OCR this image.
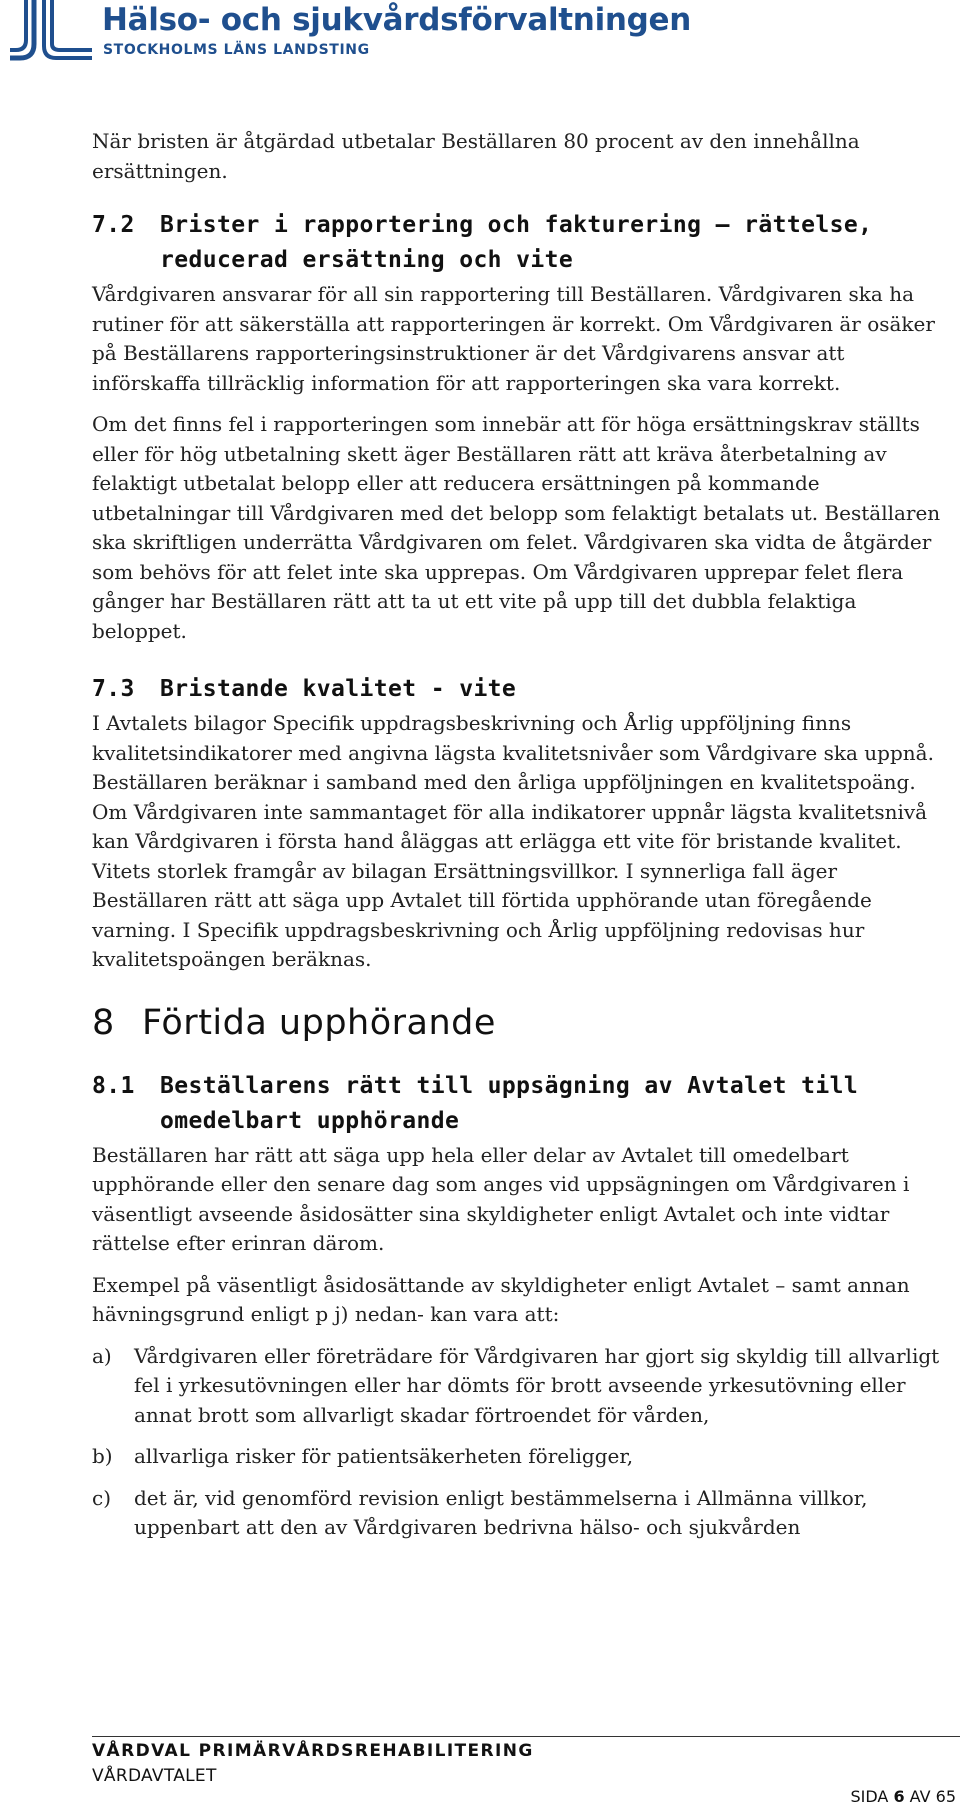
Hälso- och sjukvårdsförvaltningen
STOCKHOLMS LÄNS LANDSTING

När bristen är åtgärdad utbetalar Beställaren 80 procent av den innehållna ersättningen.

7.2	Brister i rapportering och fakturering – rättelse, reducerad ersättning och vite

Vårdgivaren ansvarar för all sin rapportering till Beställaren. Vårdgivaren ska ha rutiner för att säkerställa att rapporteringen är korrekt. Om Vårdgivaren är osäker på Beställarens rapporteringsinstruktioner är det Vårdgivarens ansvar att införskaffa tillräcklig information för att rapporteringen ska vara korrekt.

Om det finns fel i rapporteringen som innebär att för höga ersättningskrav ställts eller för hög utbetalning skett äger Beställaren rätt att kräva återbetalning av felaktigt utbetalat belopp eller att reducera ersättningen på kommande utbetalningar till Vårdgivaren med det belopp som felaktigt betalats ut. Beställaren ska skriftligen underrätta Vårdgivaren om felet. Vårdgivaren ska vidta de åtgärder som behövs för att felet inte ska upprepas. Om Vårdgivaren upprepar felet flera gånger har Beställaren rätt att ta ut ett vite på upp till det dubbla felaktiga beloppet.

7.3	Bristande kvalitet - vite

I Avtalets bilagor Specifik uppdragsbeskrivning och Årlig uppföljning finns kvalitetsindikatorer med angivna lägsta kvalitetsnivåer som Vårdgivare ska uppnå. Beställaren beräknar i samband med den årliga uppföljningen en kvalitetspoäng. Om Vårdgivaren inte sammantaget för alla indikatorer uppnår lägsta kvalitetsnivå kan Vårdgivaren i första hand åläggas att erlägga ett vite för bristande kvalitet. Vitets storlek framgår av bilagan Ersättningsvillkor. I synnerliga fall äger Beställaren rätt att säga upp Avtalet till förtida upphörande utan föregående varning. I Specifik uppdragsbeskrivning och Årlig uppföljning redovisas hur kvalitetspoängen beräknas.

8 Förtida upphörande
8.1	Beställarens rätt till uppsägning av Avtalet till omedelbart upphörande

Beställaren har rätt att säga upp hela eller delar av Avtalet till omedelbart upphörande eller den senare dag som anges vid uppsägningen om Vårdgivaren i väsentligt avseende åsidosätter sina skyldigheter enligt Avtalet och inte vidtar rättelse efter erinran därom.

Exempel på väsentligt åsidosättande av skyldigheter enligt Avtalet – samt annan hävningsgrund enligt p j) nedan- kan vara att:

a)	Vårdgivaren eller företrädare för Vårdgivaren har gjort sig skyldig till allvarligt fel i yrkesutövningen eller har dömts för brott avseende yrkesutövning eller annat brott som allvarligt skadar förtroendet för vården,
b)	allvarliga risker för patientsäkerheten föreligger,
c)	det är, vid genomförd revision enligt bestämmelserna i Allmänna villkor, uppenbart att den av Vårdgivaren bedrivna hälso- och sjukvården
VÅRDVAL PRIMÄRVÅRDSREHABILITERING
VÅRDAVTALET
SIDA 6 AV 65
